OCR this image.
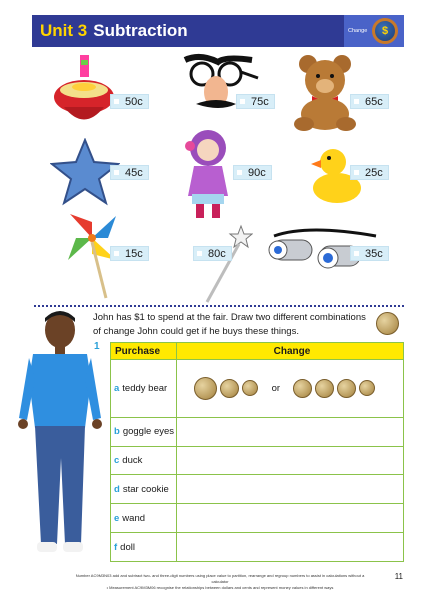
Unit 3 Subtraction	Change $
50c	75c	65c
45c	90c	25c
15c	80c	35c
1
John has $1 to spend at the fair. Draw two different combinations of change John could get if he buys these things.
Purchase	Change
a teddy bear	or
b goggle eyes	
c duck	
d star cookie	
e wand	
f doll	
Number AC9M3N03 add and subtract two- and three-digit numbers using place value to partition, rearrange and regroup numbers to assist in calculations without a calculator
• Measurement AC9M3M06 recognise the relationships between dollars and cents and represent money values in different ways
11
